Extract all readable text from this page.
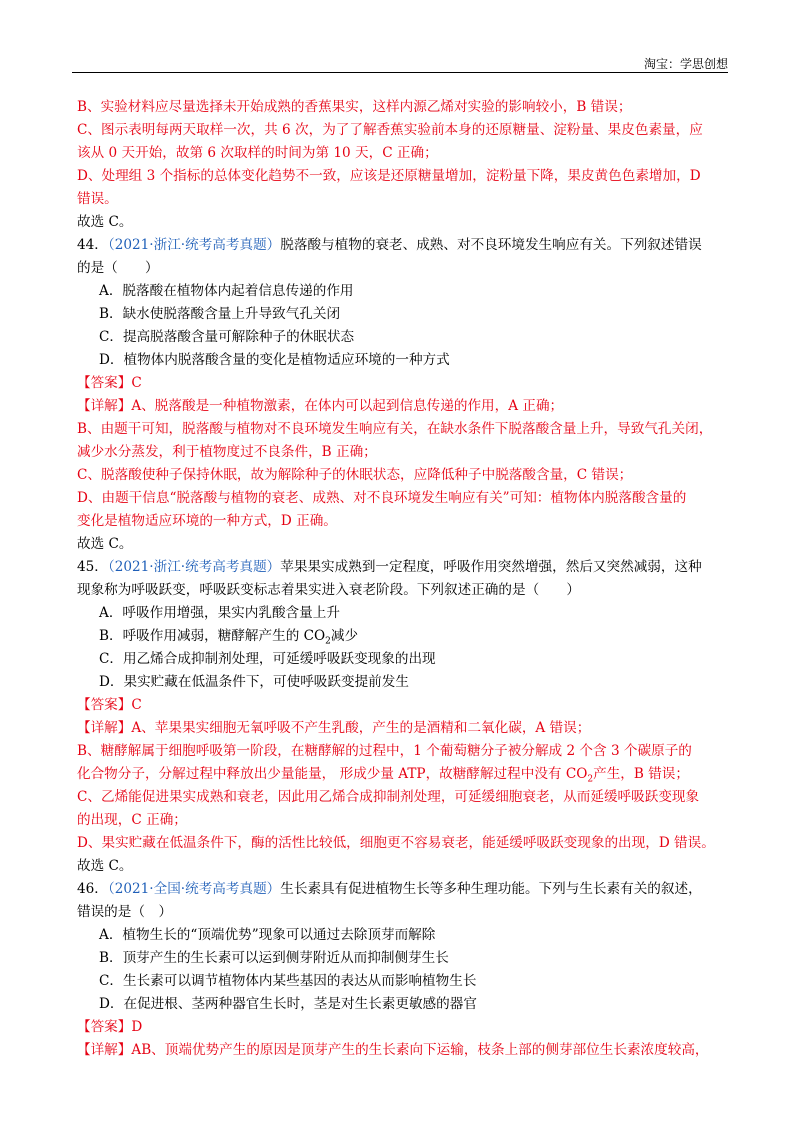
淘宝：学思创想
B、实验材料应尽量选择未开始成熟的香蕉果实，这样内源乙烯对实验的影响较小，B 错误；
C、图示表明每两天取样一次，共 6 次，为了了解香蕉实验前本身的还原糖量、淀粉量、果皮色素量，应
该从 0 天开始，故第 6 次取样的时间为第 10 天，C 正确；
D、处理组 3 个指标的总体变化趋势不一致，应该是还原糖量增加，淀粉量下降，果皮黄色色素增加，D
错误。
故选 C。
44．（2021·浙江·统考高考真题）脱落酸与植物的衰老、成熟、对不良环境发生响应有关。下列叙述错误
的是（　　）
A．脱落酸在植物体内起着信息传递的作用
B．缺水使脱落酸含量上升导致气孔关闭
C．提高脱落酸含量可解除种子的休眠状态
D．植物体内脱落酸含量的变化是植物适应环境的一种方式
【答案】C
【详解】A、脱落酸是一种植物激素，在体内可以起到信息传递的作用，A 正确；
B、由题干可知，脱落酸与植物对不良环境发生响应有关，在缺水条件下脱落酸含量上升，导致气孔关闭，
减少水分蒸发，利于植物度过不良条件，B 正确；
C、脱落酸使种子保持休眠，故为解除种子的休眠状态，应降低种子中脱落酸含量，C 错误；
D、由题干信息“脱落酸与植物的衰老、成熟、对不良环境发生响应有关”可知：植物体内脱落酸含量的
变化是植物适应环境的一种方式，D 正确。
故选 C。
45．（2021·浙江·统考高考真题）苹果果实成熟到一定程度，呼吸作用突然增强，然后又突然减弱，这种
现象称为呼吸跃变，呼吸跃变标志着果实进入衰老阶段。下列叙述正确的是（　　）
A．呼吸作用增强，果实内乳酸含量上升
B．呼吸作用减弱，糖酵解产生的 $CO_2$减少
C．用乙烯合成抑制剂处理，可延缓呼吸跃变现象的出现
D．果实贮藏在低温条件下，可使呼吸跃变提前发生
【答案】C
【详解】A、苹果果实细胞无氧呼吸不产生乳酸，产生的是酒精和二氧化碳，A 错误；
B、糖酵解属于细胞呼吸第一阶段，在糖酵解的过程中，1 个葡萄糖分子被分解成 2 个含 3 个碳原子的
化合物分子，分解过程中释放出少量能量， 形成少量 ATP，故糖酵解过程中没有 $CO_2$产生，B 错误；
C、乙烯能促进果实成熟和衰老，因此用乙烯合成抑制剂处理，可延缓细胞衰老，从而延缓呼吸跃变现象
的出现，C 正确；
D、果实贮藏在低温条件下，酶的活性比较低，细胞更不容易衰老，能延缓呼吸跃变现象的出现，D 错误。
故选 C。
46．（2021·全国·统考高考真题）生长素具有促进植物生长等多种生理功能。下列与生长素有关的叙述，
错误的是（　）
A．植物生长的“顶端优势”现象可以通过去除顶芽而解除
B．顶芽产生的生长素可以运到侧芽附近从而抑制侧芽生长
C．生长素可以调节植物体内某些基因的表达从而影响植物生长
D．在促进根、茎两种器官生长时，茎是对生长素更敏感的器官
【答案】D
【详解】AB、顶端优势产生的原因是顶芽产生的生长素向下运输，枝条上部的侧芽部位生长素浓度较高，
